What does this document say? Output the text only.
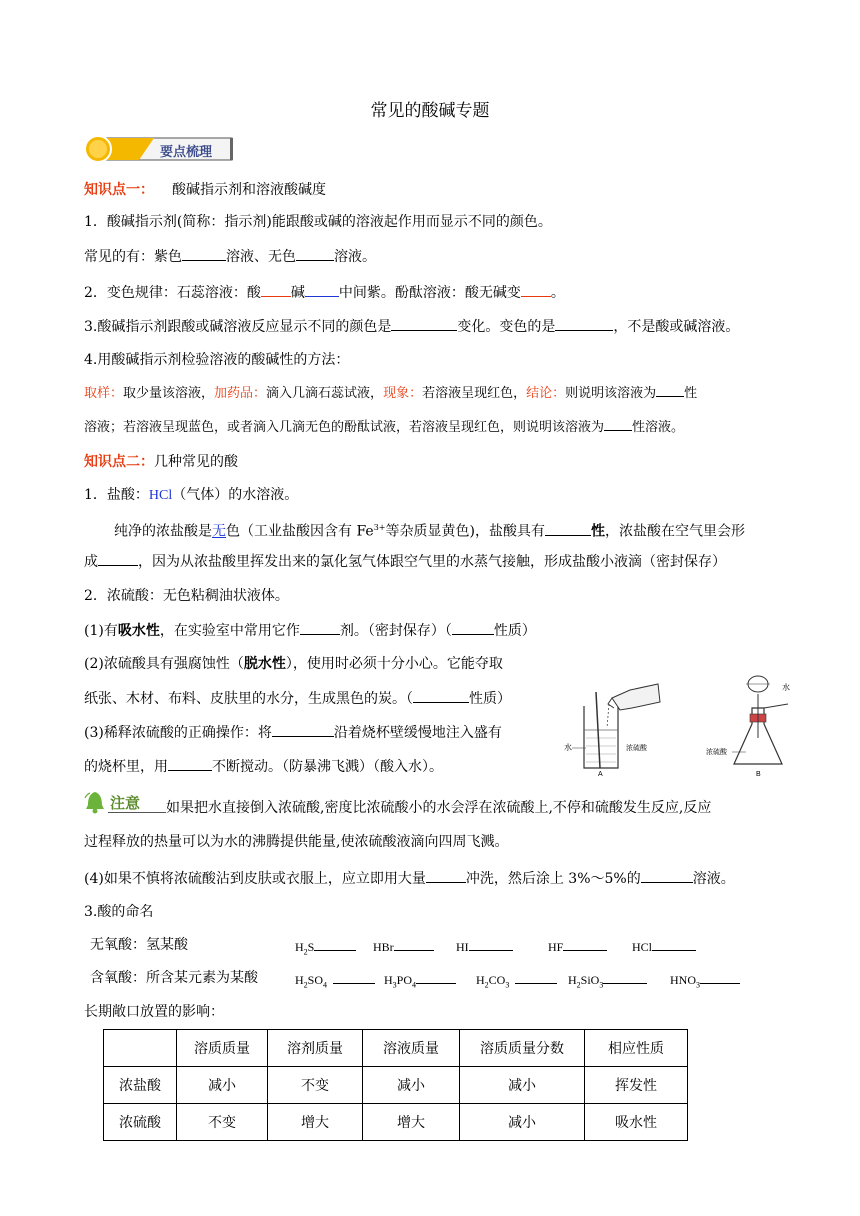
常见的酸碱专题
要点梳理
知识点一： 酸碱指示剂和溶液酸碱度
1．酸碱指示剂(简称：指示剂)能跟酸或碱的溶液起作用而显示不同的颜色。
常见的有：紫色	溶液、无色	溶液。
2．变色规律：石蕊溶液：酸 碱 中间紫。酚酞溶液：酸无碱变 。
3.酸碱指示剂跟酸或碱溶液反应显示不同的颜色是	变化。变色的是	，不是酸或碱溶液。
4.用酸碱指示剂检验溶液的酸碱性的方法：
取样：取少量该溶液，加药品：滴入几滴石蕊试液，现象：若溶液呈现红色，结论：则说明该溶液为 性
溶液；若溶液呈现蓝色，或者滴入几滴无色的酚酞试液，若溶液呈现红色，则说明该溶液为 性溶液。
知识点二：几种常见的酸
1．盐酸：HCl（气体）的水溶液。
纯净的浓盐酸是无色（工业盐酸因含有 $Fe^{3+}$等杂质显黄色)，盐酸具有	性，浓盐酸在空气里会形
成	，因为从浓盐酸里挥发出来的氯化氢气体跟空气里的水蒸气接触，形成盐酸小液滴（密封保存）
2．浓硫酸：无色粘稠油状液体。
(1)有吸水性，在实验室中常用它作	剂。（密封保存）（	性质）
(2)浓硫酸具有强腐蚀性（脱水性），使用时必须十分小心。它能夺取
纸张、木材、布料、皮肤里的水分，生成黑色的炭。（	性质）
(3)稀释浓硫酸的正确操作：将	沿着烧杯壁缓慢地注入盛有
的烧杯里，用	不断搅动。（防暴沸飞溅）（酸入水）。
水	浓硫酸
A
水
浓硫酸
B
注意 如果把水直接倒入浓硫酸,密度比浓硫酸小的水会浮在浓硫酸上,不停和硫酸发生反应,反应
过程释放的热量可以为水的沸腾提供能量,使浓硫酸液滴向四周飞溅。
(4)如果不慎将浓硫酸沾到皮肤或衣服上，应立即用大量	冲洗，然后涂上 3%～5%的	溶液。
3.酸的命名
无氧酸：氢某酸	$H_2S$	HBr	HI	HF	HCl
含氧酸：所含某元素为某酸	$H_2SO_4$	$H_3PO_4$	$H_2CO_3$	$H_2SiO_3$	$HNO_3$
长期敞口放置的影响：
	溶质质量	溶剂质量	溶液质量	溶质质量分数	相应性质
浓盐酸	减小	不变	减小	减小	挥发性
浓硫酸	不变	增大	增大	减小	吸水性
